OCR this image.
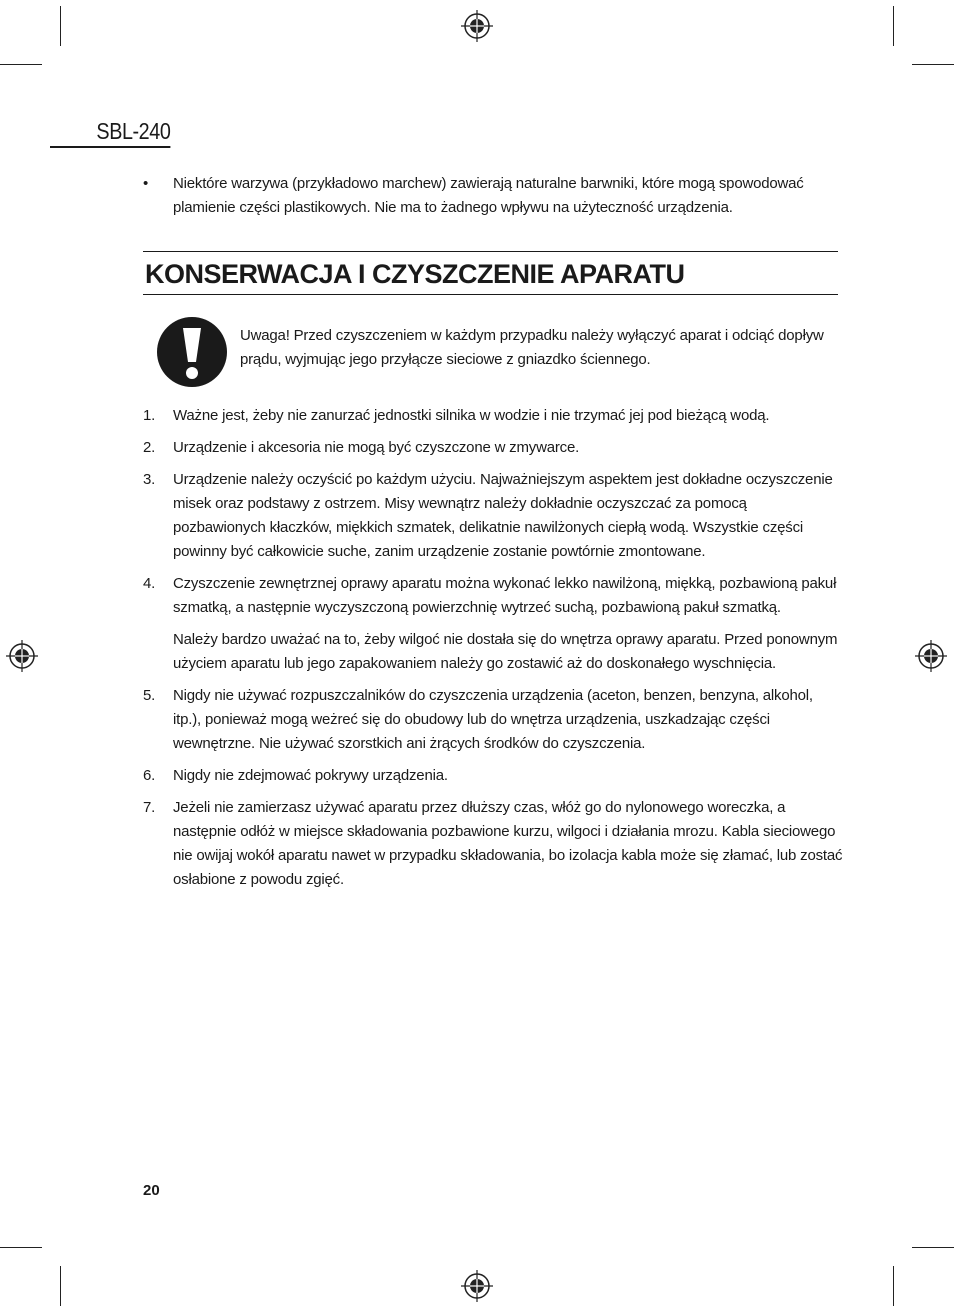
SBL-240
• Niektóre warzywa (przykładowo marchew) zawierają naturalne barwniki, które mogą spowodować plamienie części plastikowych. Nie ma to żadnego wpływu na użyteczność urządzenia.
KONSERWACJA I CZYSZCZENIE APARATU
Uwaga! Przed czyszczeniem w każdym przypadku należy wyłączyć aparat i odciąć dopływ prądu, wyjmując jego przyłącze sieciowe z gniazdko ściennego.
1. Ważne jest, żeby nie zanurzać jednostki silnika w wodzie i nie trzymać jej pod bieżącą wodą.
2. Urządzenie i akcesoria nie mogą być czyszczone w zmywarce.
3. Urządzenie należy oczyścić po każdym użyciu. Najważniejszym aspektem jest dokładne oczyszczenie misek oraz podstawy z ostrzem. Misy wewnątrz należy dokładnie oczyszczać za pomocą pozbawionych kłaczków, miękkich szmatek, delikatnie nawilżonych ciepłą wodą. Wszystkie części powinny być całkowicie suche, zanim urządzenie zostanie powtórnie zmontowane.
4. Czyszczenie zewnętrznej oprawy aparatu można wykonać lekko nawilżoną, miękką, pozbawioną pakuł szmatką, a następnie wyczyszczoną powierzchnię wytrzeć suchą, pozbawioną pakuł szmatką.
Należy bardzo uważać na to, żeby wilgoć nie dostała się do wnętrza oprawy aparatu. Przed ponownym użyciem aparatu lub jego zapakowaniem należy go zostawić aż do doskonałego wyschnięcia.
5. Nigdy nie używać rozpuszczalników do czyszczenia urządzenia (aceton, benzen, benzyna, alkohol, itp.), ponieważ mogą weżreć się do obudowy lub do wnętrza urządzenia, uszkadzając części wewnętrzne. Nie używać szorstkich ani żrących środków do czyszczenia.
6. Nigdy nie zdejmować pokrywy urządzenia.
7. Jeżeli nie zamierzasz używać aparatu przez dłuższy czas, włóż go do nylonowego woreczka, a następnie odłóż w miejsce składowania pozbawione kurzu, wilgoci i działania mrozu. Kabla sieciowego nie owijaj wokół aparatu nawet w przypadku składowania, bo izolacja kabla może się złamać, lub zostać osłabione z powodu zgięć.
20
